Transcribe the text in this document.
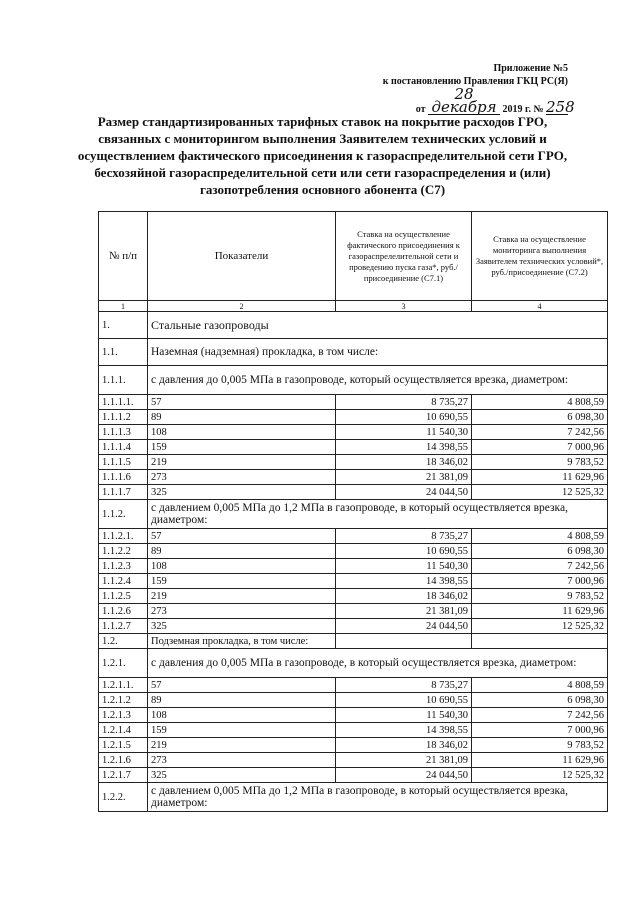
Приложение №5
к постановлению Правления ГКЦ РС(Я)
от 28 декабря 2019 г. № 258
Размер стандартизированных тарифных ставок на покрытие расходов ГРО, связанных с мониторингом выполнения Заявителем технических условий и осуществлением фактического присоединения к газораспределительной сети ГРО, бесхозяйной газораспределительной сети или сети газораспределения и (или) газопотребления основного абонента (С7)
№ п/п	Показатели	Ставка на осуществление фактического присоединения к газораспрелелительной сети и проведению пуска газа*, руб./присоединение (С7.1)	Ставка на осуществление мониторинга выполнения Заявителем технических условий*, руб./присоединение (С7.2)
1	2	3	4
1.	Стальные газопроводы		
1.1.	Наземная (надземная) прокладка, в том числе:		
1.1.1.	с давления до 0,005 МПа в газопроводе, который осуществляется врезка, диаметром:		
1.1.1.1.	57	8 735,27	4 808,59
1.1.1.2	89	10 690,55	6 098,30
1.1.1.3	108	11 540,30	7 242,56
1.1.1.4	159	14 398,55	7 000,96
1.1.1.5	219	18 346,02	9 783,52
1.1.1.6	273	21 381,09	11 629,96
1.1.1.7	325	24 044,50	12 525,32
1.1.2.	с давлением 0,005 МПа до 1,2 МПа в газопроводе, в который осуществляется врезка, диаметром:		
1.1.2.1.	57	8 735,27	4 808,59
1.1.2.2	89	10 690,55	6 098,30
1.1.2.3	108	11 540,30	7 242,56
1.1.2.4	159	14 398,55	7 000,96
1.1.2.5	219	18 346,02	9 783,52
1.1.2.6	273	21 381,09	11 629,96
1.1.2.7	325	24 044,50	12 525,32
1.2.	Подземная прокладка, в том числе:		
1.2.1.	с давления до 0,005 МПа в газопроводе, в который осуществляется врезка, диаметром:		
1.2.1.1.	57	8 735,27	4 808,59
1.2.1.2	89	10 690,55	6 098,30
1.2.1.3	108	11 540,30	7 242,56
1.2.1.4	159	14 398,55	7 000,96
1.2.1.5	219	18 346,02	9 783,52
1.2.1.6	273	21 381,09	11 629,96
1.2.1.7	325	24 044,50	12 525,32
1.2.2.	с давлением 0,005 МПа до 1,2 МПа в газопроводе, в который осуществляется врезка, диаметром:		
